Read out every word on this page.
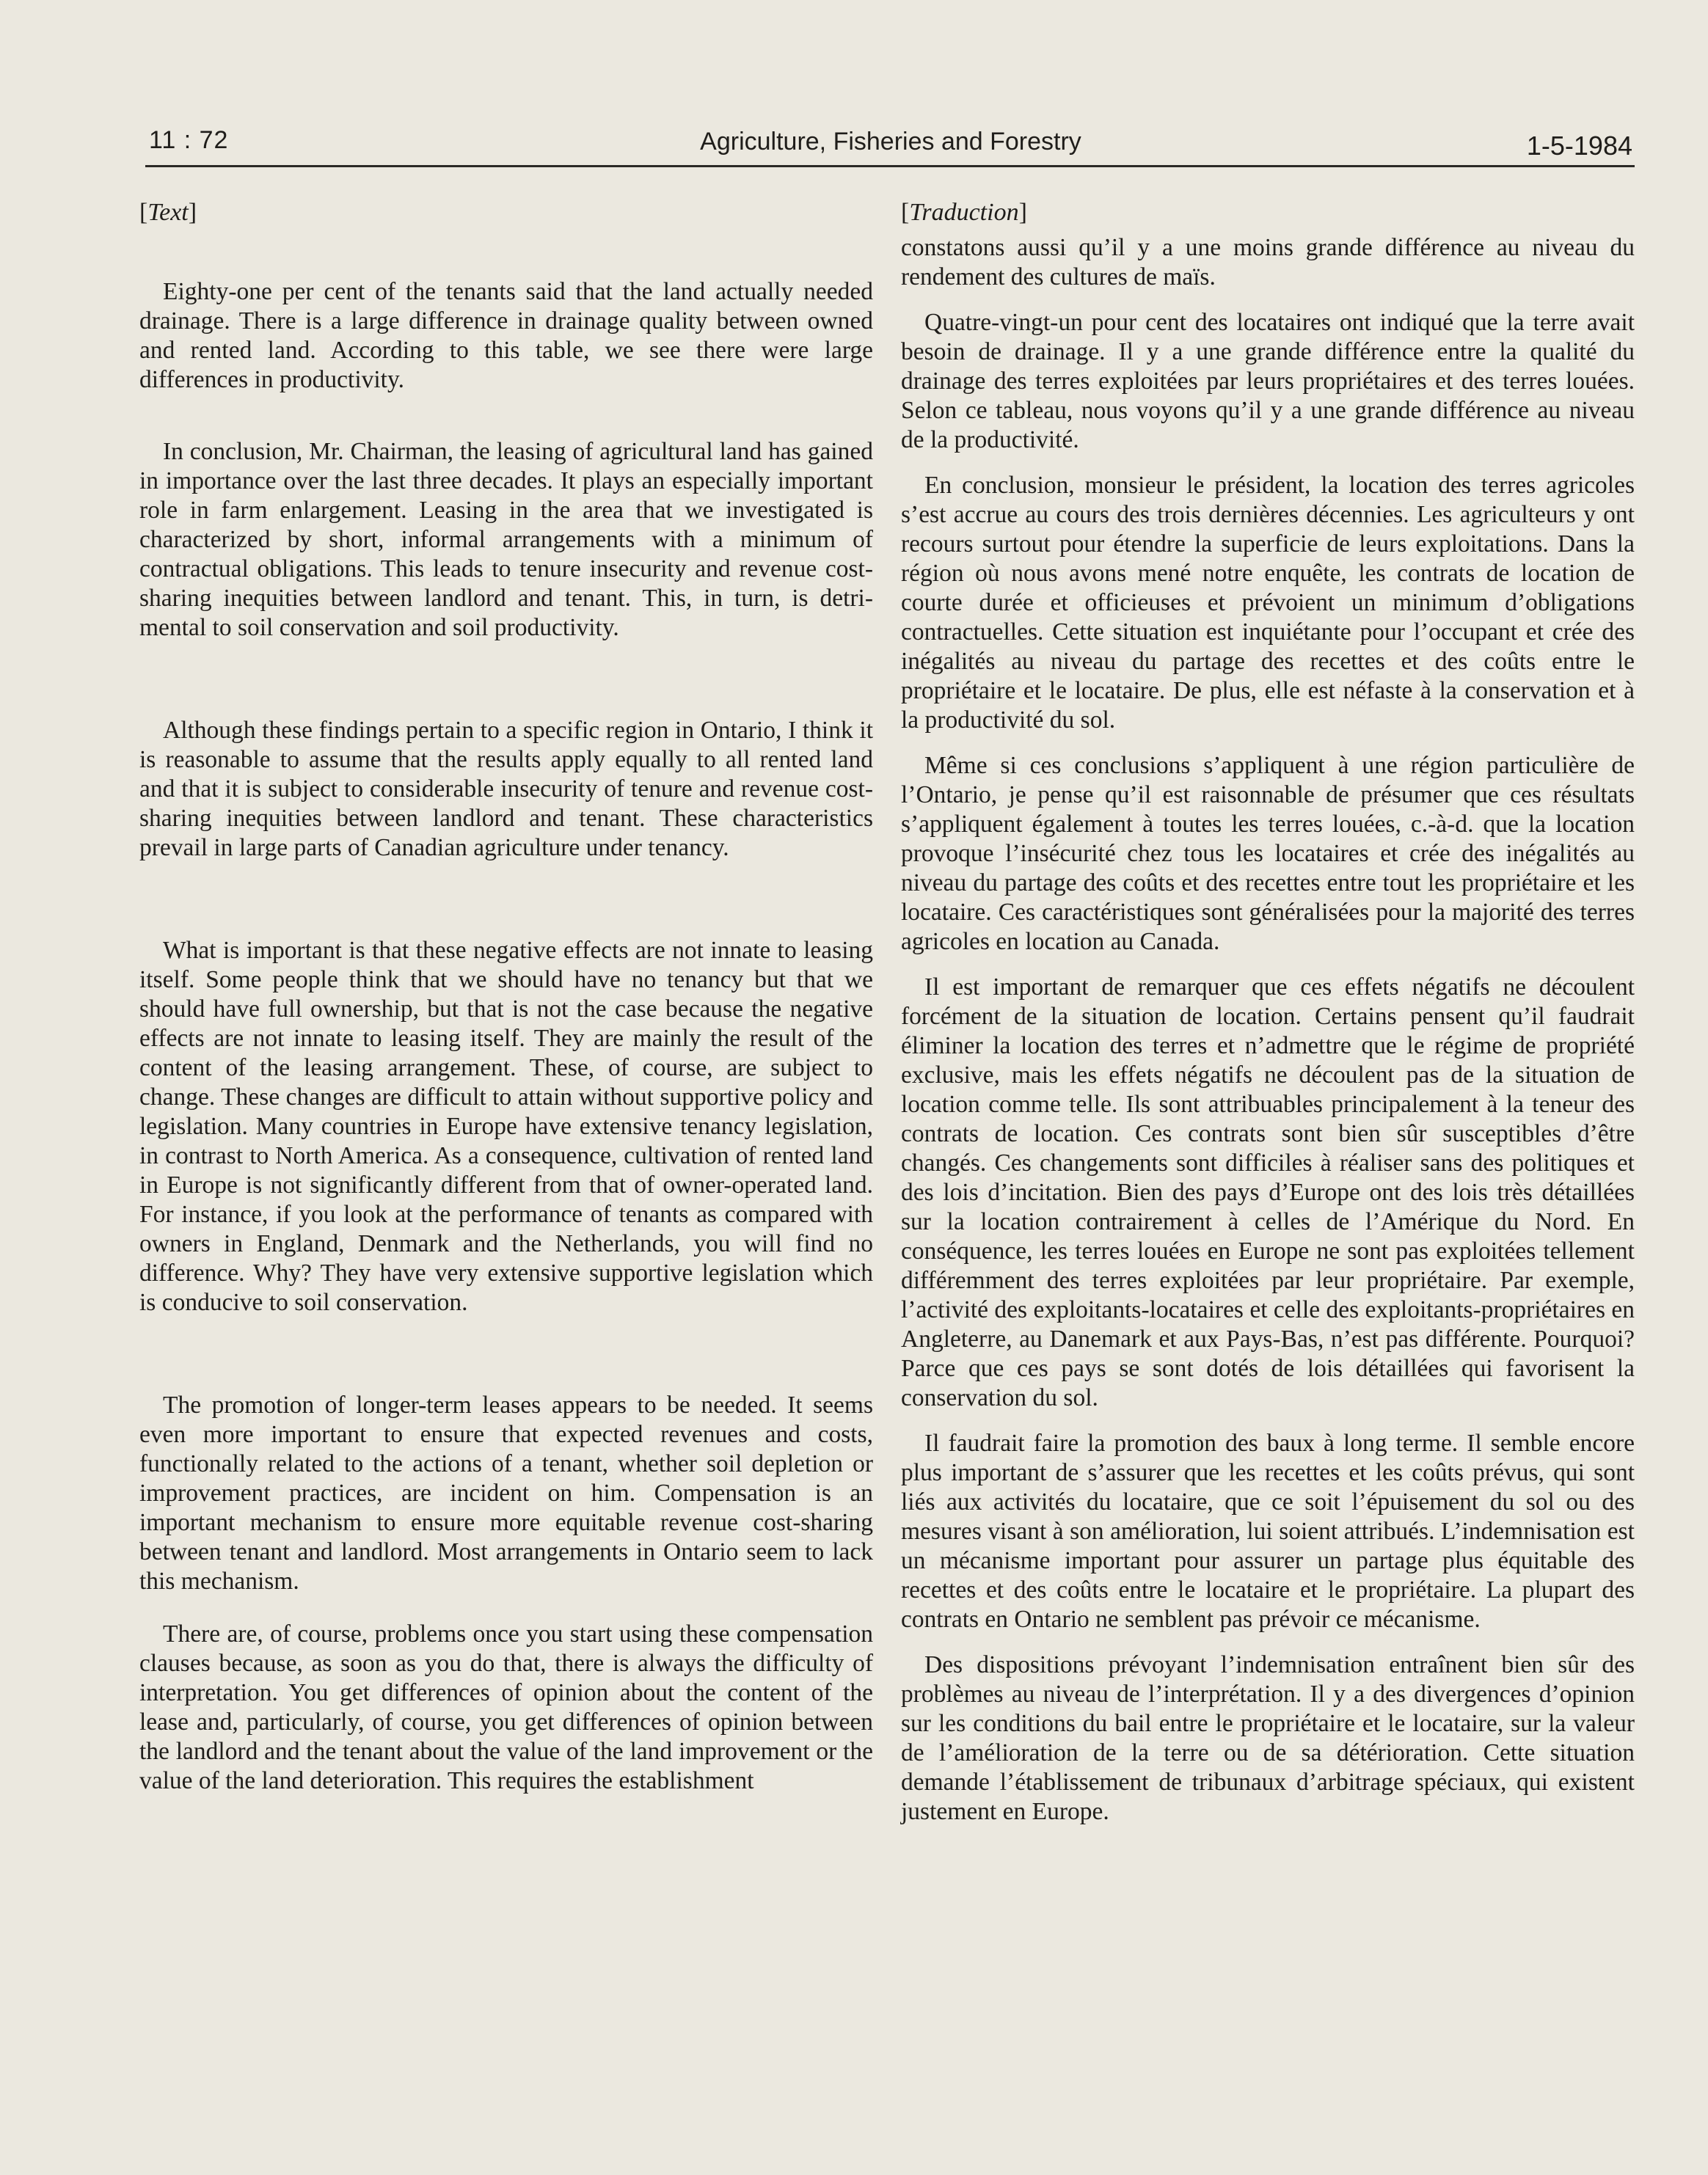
11 : 72	Agriculture, Fisheries and Forestry	1-5-1984
[Text]

Eighty-one per cent of the tenants said that the land actually needed drainage. There is a large difference in drainage quality between owned and rented land. According to this table, we see there were large differences in productivity.

In conclusion, Mr. Chairman, the leasing of agricultural land has gained in importance over the last three decades. It plays an especially important role in farm enlargement. Leasing in the area that we investigated is characterized by short, informal arrangements with a minimum of contractual obligations. This leads to tenure insecurity and revenue cost-sharing inequities between landlord and tenant. This, in turn, is detrimental to soil conservation and soil productivity.

Although these findings pertain to a specific region in Ontario, I think it is reasonable to assume that the results apply equally to all rented land and that it is subject to considerable insecurity of tenure and revenue cost-sharing inequities between landlord and tenant. These characteristics prevail in large parts of Canadian agriculture under tenancy.

What is important is that these negative effects are not innate to leasing itself. Some people think that we should have no tenancy but that we should have full ownership, but that is not the case because the negative effects are not innate to leasing itself. They are mainly the result of the content of the leasing arrangement. These, of course, are subject to change. These changes are difficult to attain without supportive policy and legislation. Many countries in Europe have extensive tenancy legislation, in contrast to North America. As a consequence, cultivation of rented land in Europe is not significantly different from that of owner-operated land. For instance, if you look at the performance of tenants as compared with owners in England, Denmark and the Netherlands, you will find no difference. Why? They have very extensive supportive legislation which is conducive to soil conservation.

The promotion of longer-term leases appears to be needed. It seems even more important to ensure that expected revenues and costs, functionally related to the actions of a tenant, whether soil depletion or improvement practices, are incident on him. Compensation is an important mechanism to ensure more equitable revenue cost-sharing between tenant and landlord. Most arrangements in Ontario seem to lack this mechanism.

There are, of course, problems once you start using these compensation clauses because, as soon as you do that, there is always the difficulty of interpretation. You get differences of opinion about the content of the lease and, particularly, of course, you get differences of opinion between the landlord and the tenant about the value of the land improvement or the value of the land deterioration. This requires the establishment

[Traduction]

constatons aussi qu’il y a une moins grande différence au niveau du rendement des cultures de maïs.

Quatre-vingt-un pour cent des locataires ont indiqué que la terre avait besoin de drainage. Il y a une grande différence entre la qualité du drainage des terres exploitées par leurs propriétaires et des terres louées. Selon ce tableau, nous voyons qu’il y a une grande différence au niveau de la productivité.

En conclusion, monsieur le président, la location des terres agricoles s’est accrue au cours des trois dernières décennies. Les agriculteurs y ont recours surtout pour étendre la superficie de leurs exploitations. Dans la région où nous avons mené notre enquête, les contrats de location de courte durée et officieuses et prévoient un minimum d’obligations contractuelles. Cette situation est inquiétante pour l’occupant et crée des inégalités au niveau du partage des recettes et des coûts entre le propriétaire et le locataire. De plus, elle est néfaste à la conservation et à la productivité du sol.

Même si ces conclusions s’appliquent à une région particulière de l’Ontario, je pense qu’il est raisonnable de présumer que ces résultats s’appliquent également à toutes les terres louées, c.-à-d. que la location provoque l’insécurité chez tous les locataires et crée des inégalités au niveau du partage des coûts et des recettes entre tout les propriétaire et les locataire. Ces caractéristiques sont généralisées pour la majorité des terres agricoles en location au Canada.

Il est important de remarquer que ces effets négatifs ne découlent forcément de la situation de location. Certains pensent qu’il faudrait éliminer la location des terres et n’admettre que le régime de propriété exclusive, mais les effets négatifs ne découlent pas de la situation de location comme telle. Ils sont attribuables principalement à la teneur des contrats de location. Ces contrats sont bien sûr susceptibles d’être changés. Ces changements sont difficiles à réaliser sans des politiques et des lois d’incitation. Bien des pays d’Europe ont des lois très détaillées sur la location contrairement à celles de l’Amérique du Nord. En conséquence, les terres louées en Europe ne sont pas exploitées tellement différemment des terres exploitées par leur propriétaire. Par exemple, l’activité des exploitants-locataires et celle des exploitants-propriétaires en Angleterre, au Danemark et aux Pays-Bas, n’est pas différente. Pourquoi? Parce que ces pays se sont dotés de lois détaillées qui favorisent la conservation du sol.

Il faudrait faire la promotion des baux à long terme. Il semble encore plus important de s’assurer que les recettes et les coûts prévus, qui sont liés aux activités du locataire, que ce soit l’épuisement du sol ou des mesures visant à son amélioration, lui soient attribués. L’indemnisation est un mécanisme important pour assurer un partage plus équitable des recettes et des coûts entre le locataire et le propriétaire. La plupart des contrats en Ontario ne semblent pas prévoir ce mécanisme.

Des dispositions prévoyant l’indemnisation entraînent bien sûr des problèmes au niveau de l’interprétation. Il y a des divergences d’opinion sur les conditions du bail entre le propriétaire et le locataire, sur la valeur de l’amélioration de la terre ou de sa détérioration. Cette situation demande l’établissement de tribunaux d’arbitrage spéciaux, qui existent justement en Europe.
